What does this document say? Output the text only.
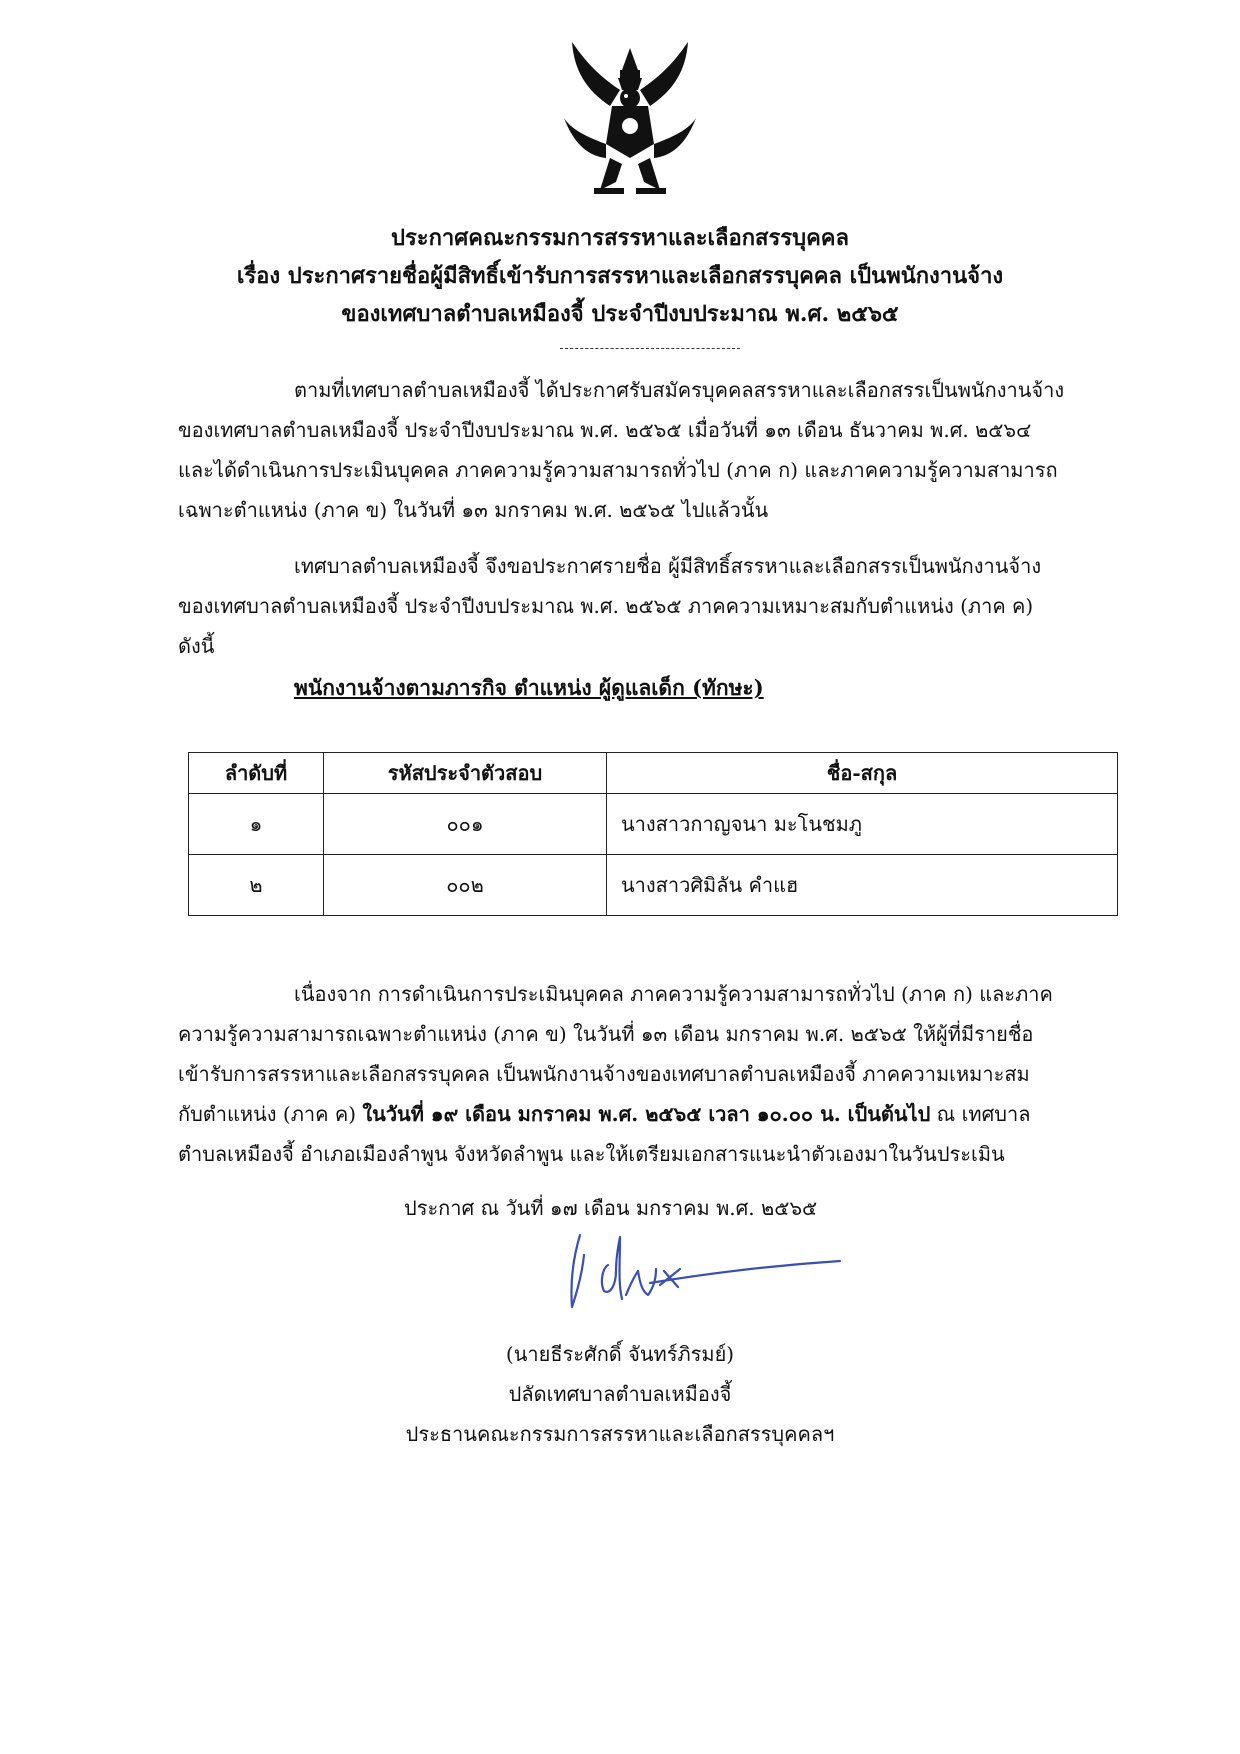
ประกาศคณะกรรมการสรรหาและเลือกสรรบุคคล
เรื่อง ประกาศรายชื่อผู้มีสิทธิ์เข้ารับการสรรหาและเลือกสรรบุคคล เป็นพนักงานจ้าง
ของเทศบาลตำบลเหมืองจี้ ประจำปีงบประมาณ พ.ศ. ๒๕๖๕
ตามที่เทศบาลตำบลเหมืองจี้ ได้ประกาศรับสมัครบุคคลสรรหาและเลือกสรรเป็นพนักงานจ้าง
ของเทศบาลตำบลเหมืองจี้ ประจำปีงบประมาณ พ.ศ. ๒๕๖๕ เมื่อวันที่ ๑๓ เดือน ธันวาคม พ.ศ. ๒๕๖๔
และได้ดำเนินการประเมินบุคคล ภาคความรู้ความสามารถทั่วไป (ภาค ก) และภาคความรู้ความสามารถ
เฉพาะตำแหน่ง (ภาค ข) ในวันที่ ๑๓ มกราคม พ.ศ. ๒๕๖๕ ไปแล้วนั้น
เทศบาลตำบลเหมืองจี้ จึงขอประกาศรายชื่อ ผู้มีสิทธิ์สรรหาและเลือกสรรเป็นพนักงานจ้าง
ของเทศบาลตำบลเหมืองจี้ ประจำปีงบประมาณ พ.ศ. ๒๕๖๕ ภาคความเหมาะสมกับตำแหน่ง (ภาค ค)
ดังนี้
พนักงานจ้างตามภารกิจ ตำแหน่ง ผู้ดูแลเด็ก (ทักษะ)
ลำดับที่	รหัสประจำตัวสอบ	ชื่อ-สกุล
๑	๐๐๑	นางสาวกาญจนา มะโนชมภู
๒	๐๐๒	นางสาวศิมิลัน คำแฮ
เนื่องจาก การดำเนินการประเมินบุคคล ภาคความรู้ความสามารถทั่วไป (ภาค ก) และภาค
ความรู้ความสามารถเฉพาะตำแหน่ง (ภาค ข) ในวันที่ ๑๓ เดือน มกราคม พ.ศ. ๒๕๖๕ ให้ผู้ที่มีรายชื่อ
เข้ารับการสรรหาและเลือกสรรบุคคล เป็นพนักงานจ้างของเทศบาลตำบลเหมืองจี้ ภาคความเหมาะสม
กับตำแหน่ง (ภาค ค) ในวันที่ ๑๙ เดือน มกราคม พ.ศ. ๒๕๖๕ เวลา ๑๐.๐๐ น. เป็นต้นไป ณ เทศบาล
ตำบลเหมืองจี้ อำเภอเมืองลำพูน จังหวัดลำพูน และให้เตรียมเอกสารแนะนำตัวเองมาในวันประเมิน
ประกาศ ณ วันที่ ๑๗ เดือน มกราคม พ.ศ. ๒๕๖๕
(นายธีระศักดิ์ จันทร์ภิรมย์)
ปลัดเทศบาลตำบลเหมืองจี้
ประธานคณะกรรมการสรรหาและเลือกสรรบุคคลฯ
